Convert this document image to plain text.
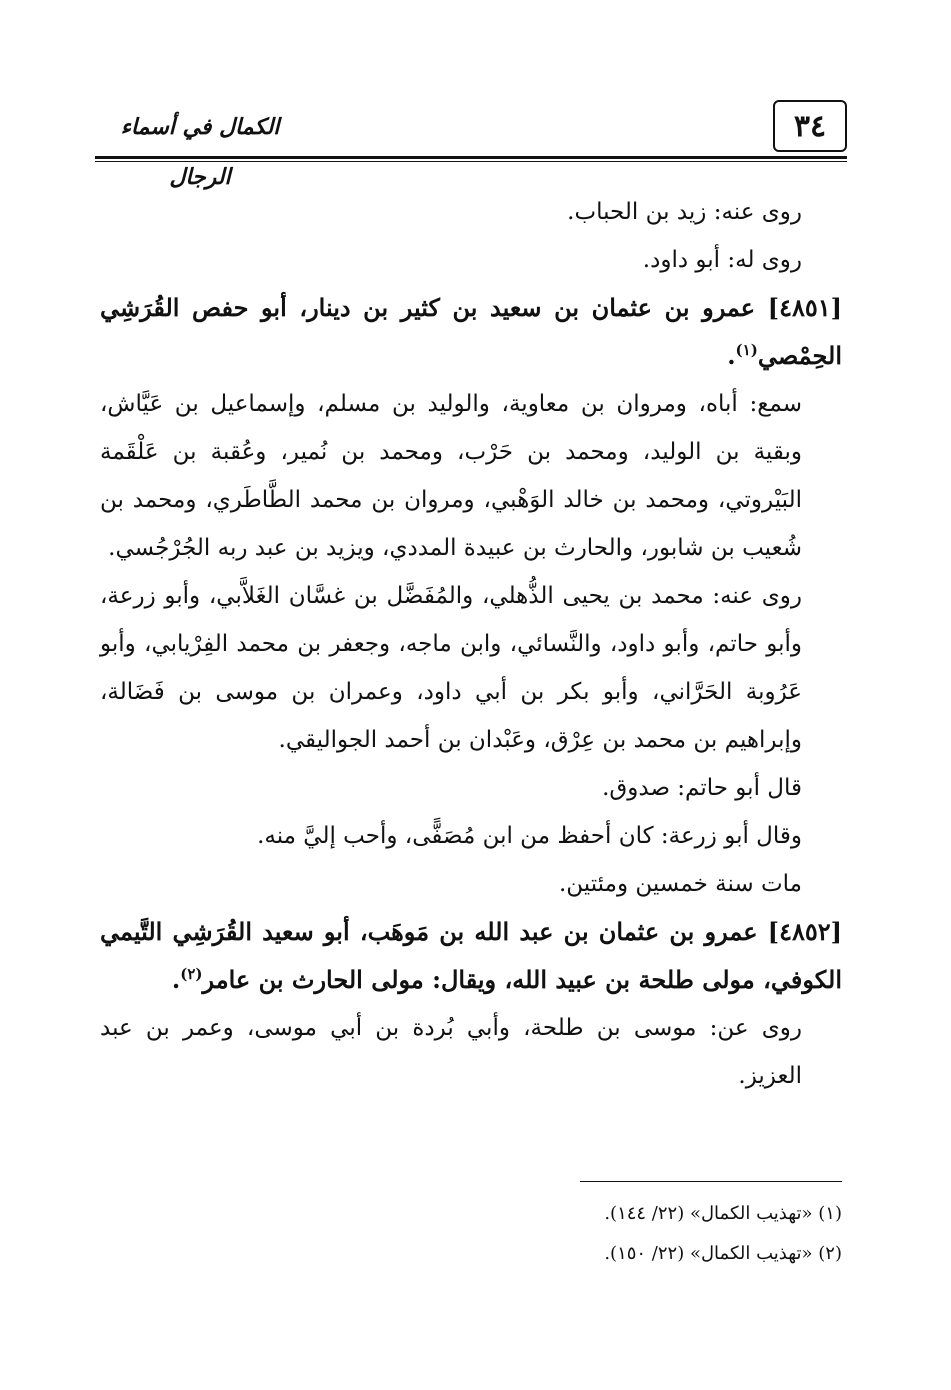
٣٤
الكمال في أسماء الرجال

روى عنه: زيد بن الحباب.

روى له: أبو داود.

[٤٨٥١] عمرو بن عثمان بن سعيد بن كثير بن دينار، أبو حفص القُرَشِي الحِمْصي$^{(١)}$.

سمع: أباه، ومروان بن معاوية، والوليد بن مسلم، وإسماعيل بن عَيَّاش، وبقية بن الوليد، ومحمد بن حَرْب، ومحمد بن نُمير، وعُقبة بن عَلْقَمة البَيْروتي، ومحمد بن خالد الوَهْبي، ومروان بن محمد الطَّاطَري، ومحمد بن شُعيب بن شابور، والحارث بن عبيدة المددي، ويزيد بن عبد ربه الجُرْجُسي.

روى عنه: محمد بن يحيى الذُّهلي، والمُفَضَّل بن غسَّان الغَلاَّبي، وأبو زرعة، وأبو حاتم، وأبو داود، والنَّسائي، وابن ماجه، وجعفر بن محمد الفِرْيابي، وأبو عَرُوبة الحَرَّاني، وأبو بكر بن أبي داود، وعمران بن موسى بن فَضَالة، وإبراهيم بن محمد بن عِرْق، وعَبْدان بن أحمد الجواليقي.

قال أبو حاتم: صدوق.

وقال أبو زرعة: كان أحفظ من ابن مُصَفًّى، وأحب إليَّ منه.

مات سنة خمسين ومئتين.

[٤٨٥٢] عمرو بن عثمان بن عبد الله بن مَوهَب، أبو سعيد القُرَشِي التَّيمي الكوفي، مولى طلحة بن عبيد الله، ويقال: مولى الحارث بن عامر$^{(٢)}$.

روى عن: موسى بن طلحة، وأبي بُردة بن أبي موسى، وعمر بن عبد العزيز.

(١) «تهذيب الكمال» (٢٢/ ١٤٤).

(٢) «تهذيب الكمال» (٢٢/ ١٥٠).
